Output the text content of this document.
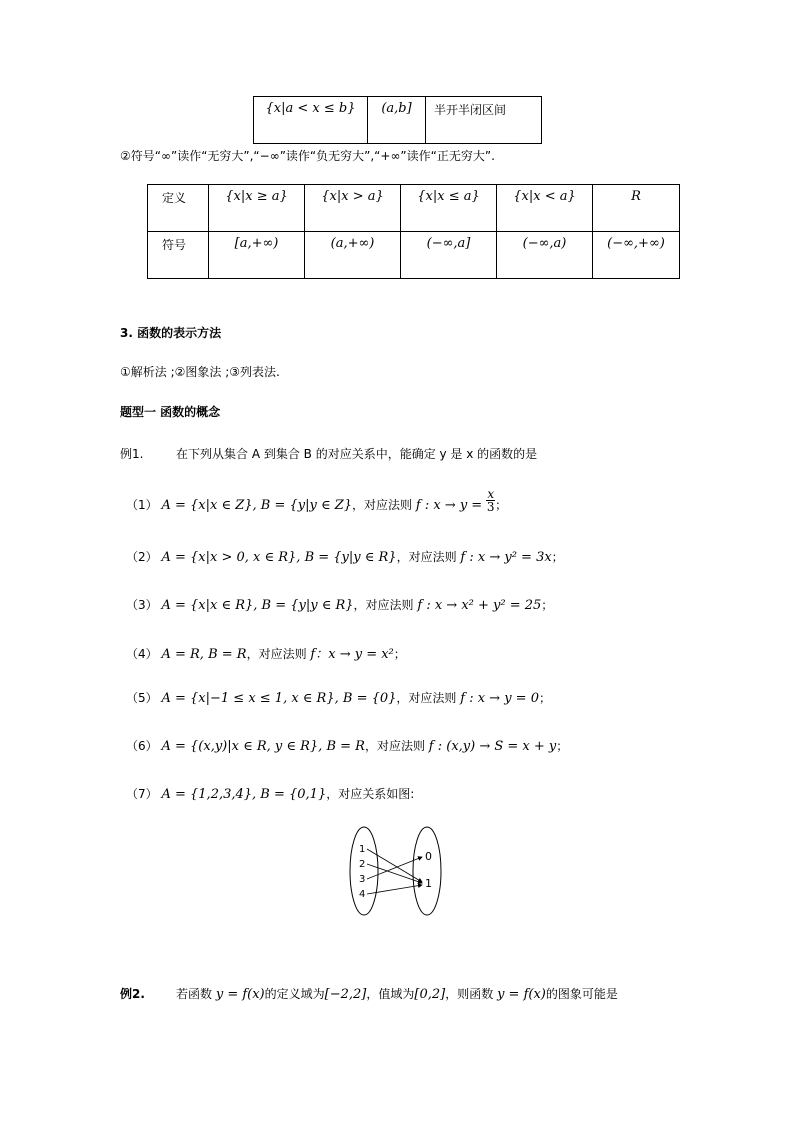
{x|a < x ≤ b}	(a,b]	半开半闭区间
②符号“∞”读作“无穷大”,“−∞”读作“负无穷大”,“+∞”读作“正无穷大”.
定义	{x|x ≥ a}	{x|x > a}	{x|x ≤ a}	{x|x < a}	R

符号	[a,+∞)	(a,+∞)	(−∞,a]	(−∞,a)	(−∞,+∞)
3. 函数的表示方法
①解析法 ;②图象法 ;③列表法.
题型一 函数的概念
例1.	在下列从集合 A 到集合 B 的对应关系中，能确定 y 是 x 的函数的是
（1） A = {x|x ∈ Z}, B = {y|y ∈ Z}，对应法则 f : $x \to y = \frac{x}{3}$ ；
（2） A = {x|x > 0, x ∈ R}, B = {y|y ∈ R}，对应法则 f : x → y² = 3x；
（3） A = {x|x ∈ R}, B = {y|y ∈ R}，对应法则 f : x → x² + y² = 25；
（4） A = R, B = R，对应法则 f：x → y = x²；
（5） A = {x|−1 ≤ x ≤ 1, x ∈ R}, B = {0}，对应法则 f : x → y = 0；
（6） A = {(x,y)|x ∈ R, y ∈ R}, B = R，对应法则 f : (x,y) → S = x + y；
（7） A = {1,2,3,4}, B = {0,1}，对应关系如图:
1
2
3
4
0
1
例2.	若函数 y = f(x)的定义域为[−2,2]，值域为[0,2]，则函数 y = f(x)的图象可能是
